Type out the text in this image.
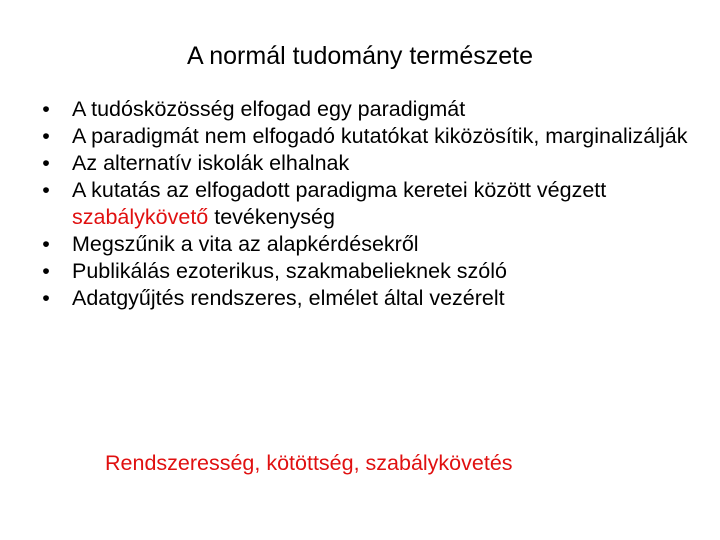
A normál tudomány természete
• A tudósközösség elfogad egy paradigmát
• A paradigmát nem elfogadó kutatókat kiközösítik, marginalizálják
• Az alternatív iskolák elhalnak
• A kutatás az elfogadott paradigma keretei között végzett szabálykövető tevékenység
• Megszűnik a vita az alapkérdésekről
• Publikálás ezoterikus, szakmabelieknek szóló
• Adatgyűjtés rendszeres, elmélet által vezérelt
Rendszeresség, kötöttség, szabálykövetés
